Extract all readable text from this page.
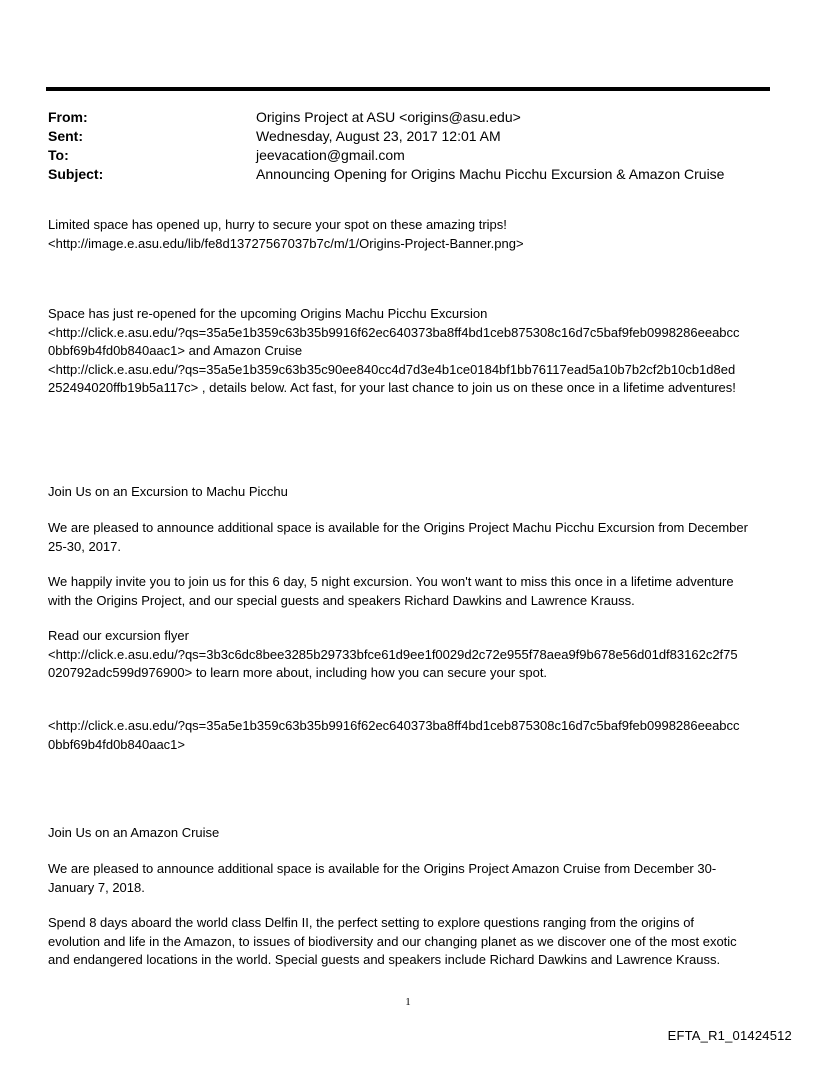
From:	Origins Project at ASU <origins@asu.edu>
Sent:	Wednesday, August 23, 2017 12:01 AM
To:	jeevacation@gmail.com
Subject:	Announcing Opening for Origins Machu Picchu Excursion & Amazon Cruise

Limited space has opened up, hurry to secure your spot on these amazing trips!
<http://image.e.asu.edu/lib/fe8d13727567037b7c/m/1/Origins-Project-Banner.png>

Space has just re-opened for the upcoming Origins Machu Picchu Excursion
<http://click.e.asu.edu/?qs=35a5e1b359c63b35b9916f62ec640373ba8ff4bd1ceb875308c16d7c5baf9feb0998286eeabcc
0bbf69b4fd0b840aac1> and Amazon Cruise
<http://click.e.asu.edu/?qs=35a5e1b359c63b35c90ee840cc4d7d3e4b1ce0184bf1bb76117ead5a10b7b2cf2b10cb1d8ed
252494020ffb19b5a117c> , details below. Act fast, for your last chance to join us on these once in a lifetime adventures!

Join Us on an Excursion to Machu Picchu

We are pleased to announce additional space is available for the Origins Project Machu Picchu Excursion from December
25-30, 2017.

We happily invite you to join us for this 6 day, 5 night excursion. You won't want to miss this once in a lifetime adventure
with the Origins Project, and our special guests and speakers Richard Dawkins and Lawrence Krauss.

Read our excursion flyer
<http://click.e.asu.edu/?qs=3b3c6dc8bee3285b29733bfce61d9ee1f0029d2c72e955f78aea9f9b678e56d01df83162c2f75
020792adc599d976900> to learn more about, including how you can secure your spot.

<http://click.e.asu.edu/?qs=35a5e1b359c63b35b9916f62ec640373ba8ff4bd1ceb875308c16d7c5baf9feb0998286eeabcc
0bbf69b4fd0b840aac1>

Join Us on an Amazon Cruise

We are pleased to announce additional space is available for the Origins Project Amazon Cruise from December 30-
January 7, 2018.

Spend 8 days aboard the world class Delfin II, the perfect setting to explore questions ranging from the origins of
evolution and life in the Amazon, to issues of biodiversity and our changing planet as we discover one of the most exotic
and endangered locations in the world. Special guests and speakers include Richard Dawkins and Lawrence Krauss.

1
EFTA_R1_01424512
